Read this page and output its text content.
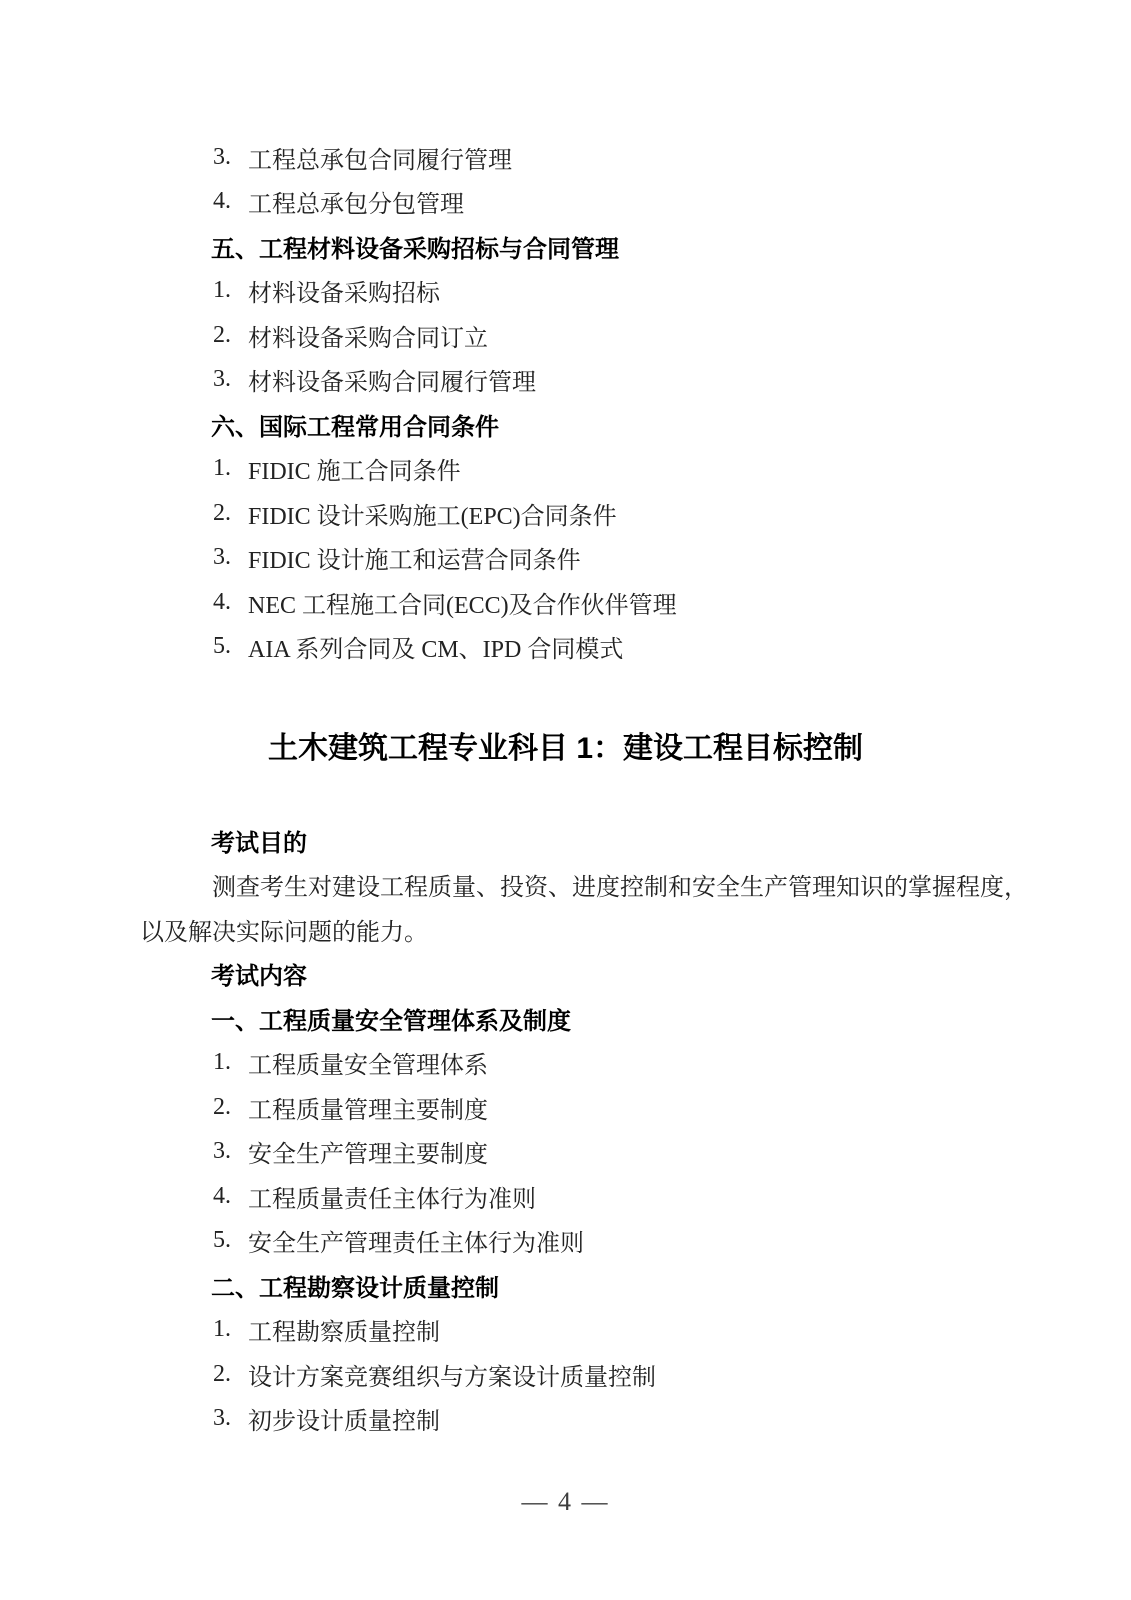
3. 工程总承包合同履行管理
4. 工程总承包分包管理
五、工程材料设备采购招标与合同管理
1. 材料设备采购招标
2. 材料设备采购合同订立
3. 材料设备采购合同履行管理
六、国际工程常用合同条件
1. FIDIC 施工合同条件
2. FIDIC 设计采购施工(EPC)合同条件
3. FIDIC 设计施工和运营合同条件
4. NEC 工程施工合同(ECC)及合作伙伴管理
5. AIA 系列合同及 CM、IPD 合同模式
土木建筑工程专业科目 1：建设工程目标控制
考试目的
测查考生对建设工程质量、投资、进度控制和安全生产管理知识的掌握程度，
以及解决实际问题的能力。
考试内容
一、工程质量安全管理体系及制度
1. 工程质量安全管理体系
2. 工程质量管理主要制度
3. 安全生产管理主要制度
4. 工程质量责任主体行为准则
5. 安全生产管理责任主体行为准则
二、工程勘察设计质量控制
1. 工程勘察质量控制
2. 设计方案竞赛组织与方案设计质量控制
3. 初步设计质量控制
— 4 —
